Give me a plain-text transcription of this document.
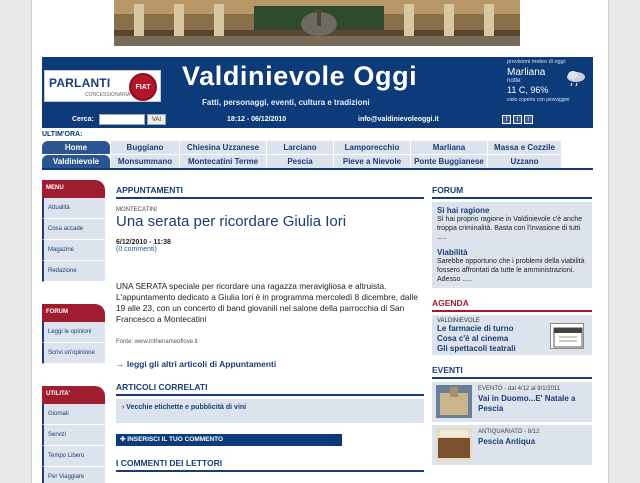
PARLANTI
CONCESSIONARIA
FIAT Valdinievole Oggi
Fatti, personaggi, eventi, cultura e tradizioni
previsioni meteo di oggi:
Marliana
notte:
11 C, 96%
cielo coperto con piovviggini
Cerca:	VAI	18:12 - 06/12/2010	info@valdinievoleoggi.it	f	t	r
ULTIM'ORA:
Home	Buggiano	Chiesina Uzzanese	Larciano	Lamporecchio	Marliana	Massa e Cozzile
Valdinievole	Monsummano	Montecatini Terme	Pescia	Pieve a Nievole	Ponte Buggianese	Uzzano
MENU
Attualità
Cosa accade
Magazine
Redazione
FORUM
Leggi le opinioni
Scrivi un'opinione
UTILITA'
Giornali
Servizi
Tempo Libero
Per Viaggiare
APPUNTAMENTI
MONTECATINI
Una serata per ricordare Giulia Iori
6/12/2010 - 11:38
(0 commenti)
UNA SERATA speciale per ricordare una ragazza meravigliosa e altruista. L'appuntamento dedicato a Giulia Iori è in programma mercoledì 8 dicembre, dalle 19 alle 23, con un concerto di band giovanili nel salone della parrocchia di San Francesco a Montecatini
Fonte: www.inthenameoflove.it
→ leggi gli altri articoli di Appuntamenti
ARTICOLI CORRELATI
› Vecchie etichette e pubblicità di vini
✚ INSERISCI IL TUO COMMENTO
I COMMENTI DEI LETTORI
FORUM
Sì hai ragione
Sì hai proprio ragione in Valdinievole c'è anche troppa criminalità. Basta con l'invasione di tutti .....
Viabilità
Sarebbe opportuno che i problemi della viabilità fossero affrontati da tutte le amministrazioni. Adesso .....
AGENDA
VALDINIEVOLE
Le farmacie di turno
Cosa c'è al cinema
Gli spettacoli teatrali
EVENTI
EVENTO - dal 4/12 al 9/1/2011
Vai in Duomo...E' Natale a Pescia
ANTIQUARIATO - 8/12
Pescia Antiqua
